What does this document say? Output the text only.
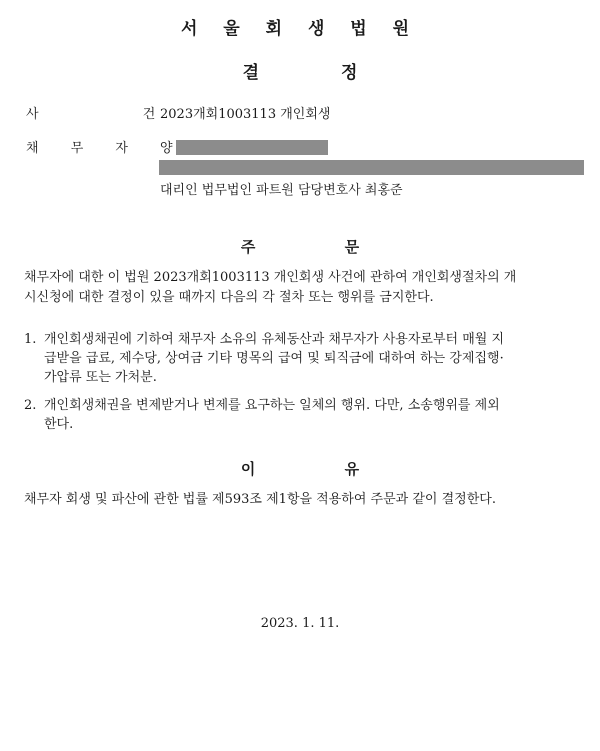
서 울 회 생 법 원
결 정
사 건
2023개회1003113 개인회생
채 무 자 양
대리인 법무법인 파트원 담당변호사 최홍준
주 문
채무자에 대한 이 법원 2023개회1003113 개인회생 사건에 관하여 개인회생절차의 개
시신청에 대한 결정이 있을 때까지 다음의 각 절차 또는 행위를 금지한다.
1. 개인회생채권에 기하여 채무자 소유의 유체동산과 채무자가 사용자로부터 매월 지
급받을 급료, 제수당, 상여금 기타 명목의 급여 및 퇴직금에 대하여 하는 강제집행·
가압류 또는 가처분.
2. 개인회생채권을 변제받거나 변제를 요구하는 일체의 행위. 다만, 소송행위를 제외
한다.
이 유
채무자 회생 및 파산에 관한 법률 제593조 제1항을 적용하여 주문과 같이 결정한다.
2023. 1. 11.
